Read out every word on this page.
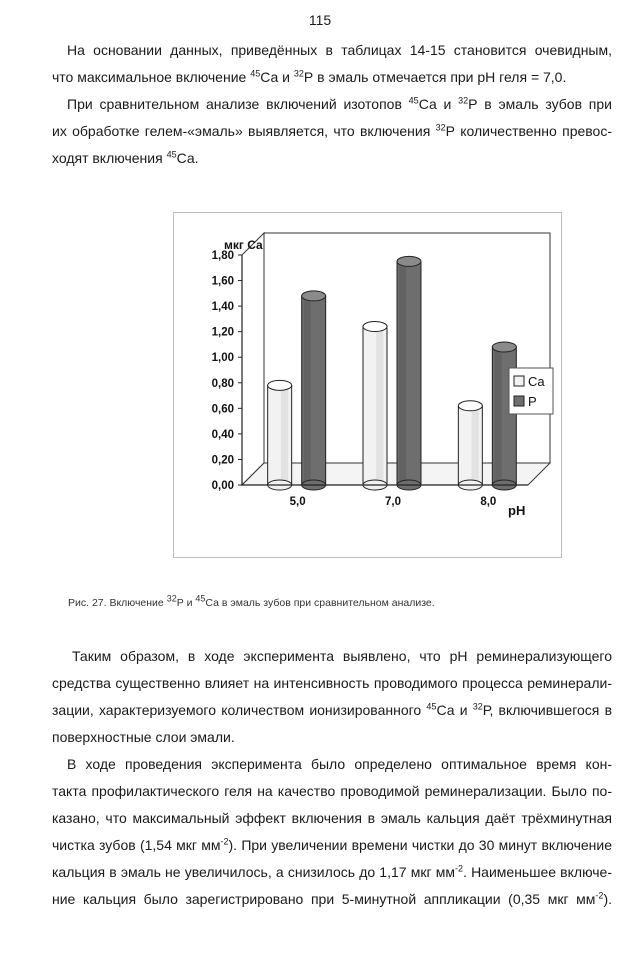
115
На основании данных, приведённых в таблицах 14-15 становится очевидным,
что максимальное включение $^{45}$Са и $^{32}$Р в эмаль отмечается при рН геля = 7,0.
При сравнительном анализе включений изотопов $^{45}$Са и $^{32}$Р в эмаль зубов при
их обработке гелем-«эмаль» выявляется, что включения $^{32}$Р количественно превос-
ходят включения $^{45}$Са.
мкг Са
0,00
0,20
0,40
0,60
0,80
1,00
1,20
1,40
1,60
1,80
5,0	7,0	8,0
рН
Ca
P
Рис. 27. Включение $^{32}$Р и $^{45}$Са в эмаль зубов при сравнительном анализе.
Таким образом, в ходе эксперимента выявлено, что рН реминерализующего
средства существенно влияет на интенсивность проводимого процесса реминерали-
зации, характеризуемого количеством ионизированного $^{45}$Са и $^{32}$Р, включившегося в
поверхностные слои эмали.
В ходе проведения эксперимента было определено оптимальное время кон-
такта профилактического геля на качество проводимой реминерализации. Было по-
казано, что максимальный эффект включения в эмаль кальция даёт трёхминутная
чистка зубов (1,54 мкг $мм^{-2}$). При увеличении времени чистки до 30 минут включение
кальция в эмаль не увеличилось, а снизилось до 1,17 мкг $мм^{-2}$. Наименьшее включе-
ние кальция было зарегистрировано при 5-минутной аппликации (0,35 мкг $мм^{-2}$).
